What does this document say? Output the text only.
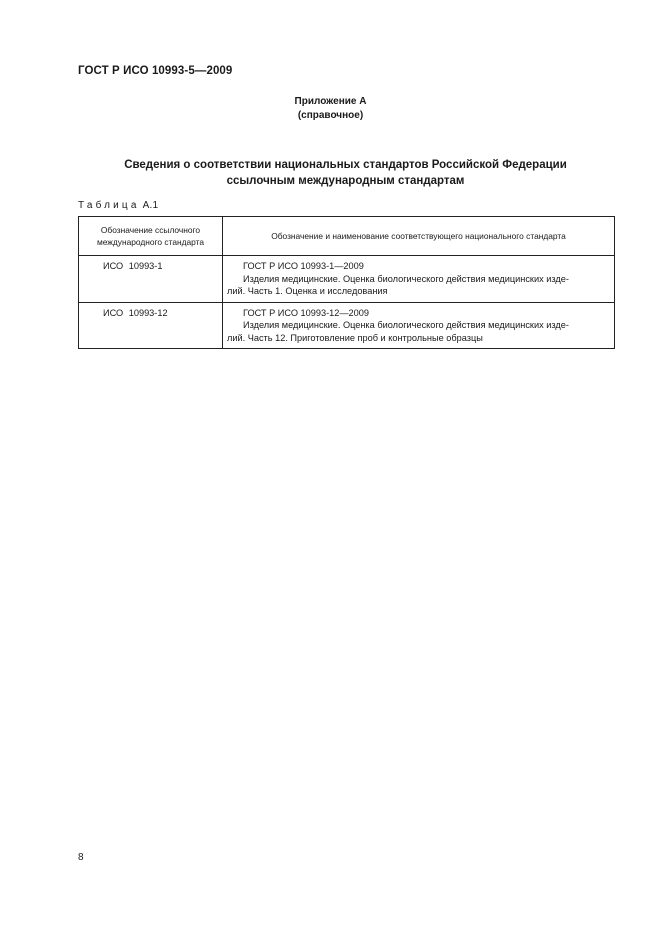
ГОСТ Р ИСО 10993-5—2009
Приложение А
(справочное)
Сведения о соответствии национальных стандартов Российской Федерации
ссылочным международным стандартам
Таблица А.1
Обозначение ссылочного
международного стандарта	Обозначение и наименование соответствующего национального стандарта
ИСО 10993-1	ГОСТ Р ИСО 10993-1—2009
Изделия медицинские. Оценка биологического действия медицинских изде-
лий. Часть 1. Оценка и исследования

ИСО 10993-12	ГОСТ Р ИСО 10993-12—2009
Изделия медицинские. Оценка биологического действия медицинских изде-
лий. Часть 12. Приготовление проб и контрольные образцы
8
